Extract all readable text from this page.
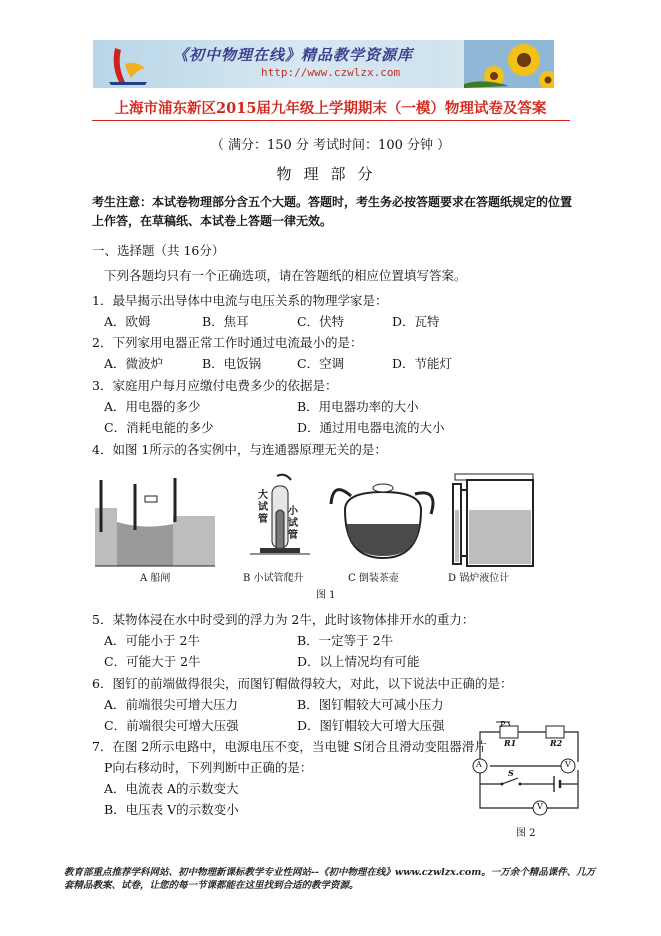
《初中物理在线》精品教学资源库
http://www.czwlzx.com
上海市浦东新区2015届九年级上学期期末（一模）物理试卷及答案
（ 满分：150 分 考试时间：100 分钟 ）
物理部分
考生注意：本试卷物理部分含五个大题。答题时，考生务必按答题要求在答题纸规定的位置上作答，在草稿纸、本试卷上答题一律无效。
一、选择题（共 16分）
下列各题均只有一个正确选项，请在答题纸的相应位置填写答案。
1．最早揭示出导体中电流与电压关系的物理学家是：
A．欧姆	B．焦耳	C．伏特	D．瓦特
2．下列家用电器正常工作时通过电流最小的是：
A．微波炉	B．电饭锅	C．空调	D．节能灯
3．家庭用户每月应缴付电费多少的依据是：
A．用电器的多少	B．用电器功率的大小
C．消耗电能的多少	D．通过用电器电流的大小
4．如图 1所示的各实例中，与连通器原理无关的是：
大试管
小试管
A 船闸	B 小试管爬升	C 倒装茶壶	D 锅炉液位计
图 1
5．某物体浸在水中时受到的浮力为 2牛，此时该物体排开水的重力：
A．可能小于 2牛	B．一定等于 2牛
C．可能大于 2牛	D．以上情况均有可能
6．图钉的前端做得很尖，而图钉帽做得较大，对此，以下说法中正确的是：
A．前端很尖可增大压力	B．图钉帽较大可减小压力
C．前端很尖可增大压强	D．图钉帽较大可增大压强
7．在图 2所示电路中，电源电压不变，当电键 S闭合且滑动变阻器滑片
P向右移动时，下列判断中正确的是：
A．电流表 A的示数变大
B．电压表 V的示数变小
P
R1	R2
A	V
S
V
图 2
教育部重点推荐学科网站、初中物理新课标教学专业性网站--《初中物理在线》www.czwlzx.com。一万余个精品课件、几万套精品教案、试卷，让您的每一节课都能在这里找到合适的教学资源。
